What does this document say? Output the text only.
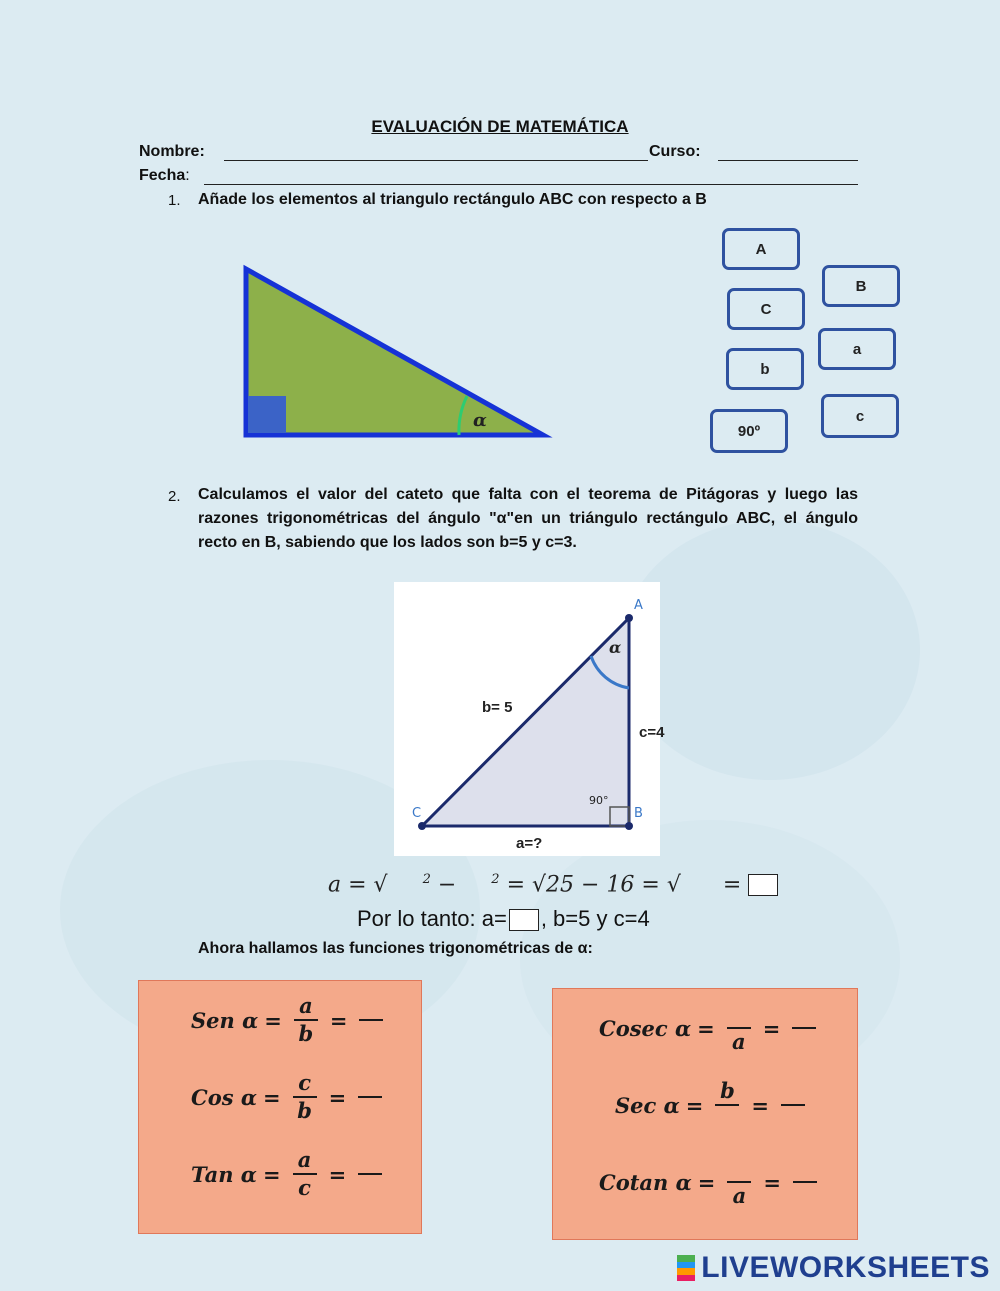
EVALUACIÓN DE MATEMÁTICA
Nombre:	Curso:
Fecha:
1. Añade los elementos al triangulo rectángulo ABC con respecto a B
α
A
B
C
a
b
c
90º
2. Calculamos el valor del cateto que falta con el teorema de Pitágoras y luego las razones trigonométricas del ángulo "α"en un triángulo rectángulo ABC, el ángulo recto en B, sabiendo que los lados son b=5 y c=3.
A
B
C
α
b= 5
c=4
a=?
90°
a = √	$^2$ −	$^2$ = √25 − 16 = √ =
Por lo tanto: a= , b=5 y c=4
Ahora hallamos las funciones trigonométricas de α:
Sen $\alpha = \frac{a}{b}$ =
Cos $\alpha = \frac{c}{b}$ =
Tan $\alpha = \frac{a}{c}$ =
Cosec α =
a
=
Sec α =
b
=
Cotan α =
a
=
LIVEWORKSHEETS
